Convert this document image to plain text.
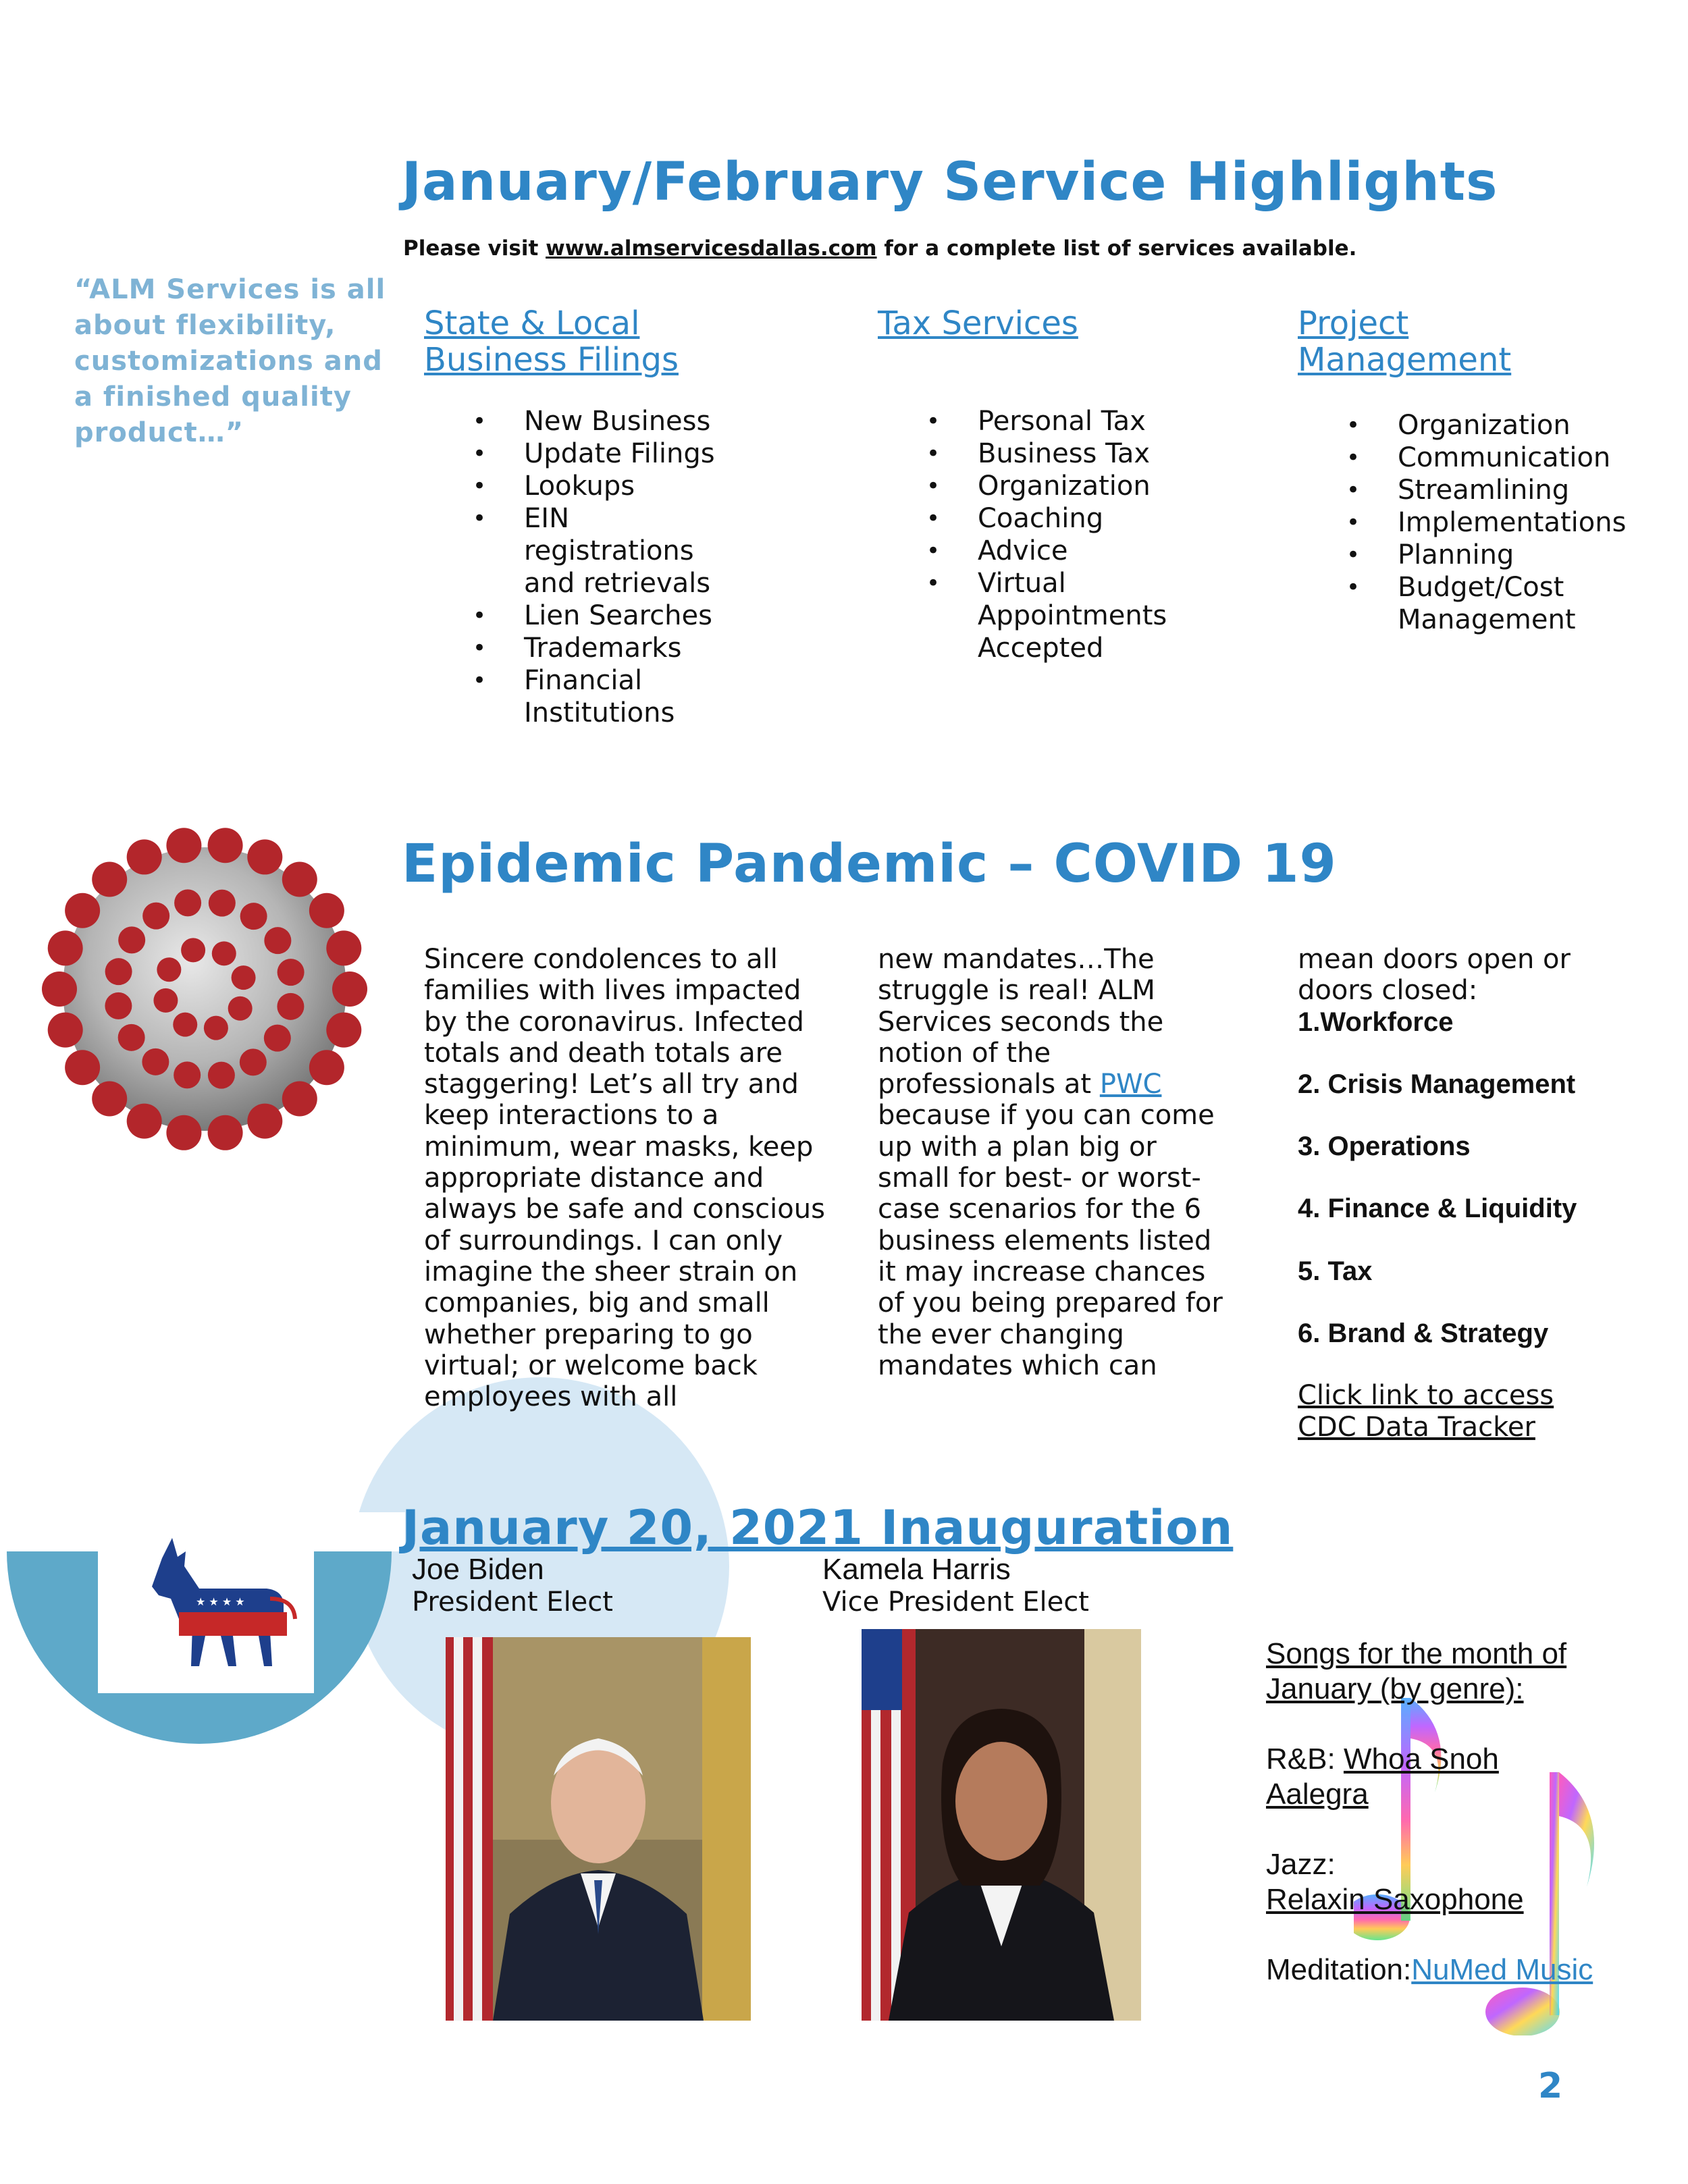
★ ★ ★ ★
January/February Service Highlights
Please visit www.almservicesdallas.com for a complete list of services available.
“ALM Services is all about flexibility, customizations and a finished quality product…”
State & Local
Business Filings
• New Business
• Update Filings
• Lookups
• EIN registrations and retrievals
• Lien Searches
• Trademarks
• Financial Institutions
Tax Services
• Personal Tax
• Business Tax
• Organization
• Coaching
• Advice
• Virtual Appointments Accepted
Project
Management
• Organization
• Communication
• Streamlining
• Implementations
• Planning
• Budget/Cost Management
Epidemic Pandemic – COVID 19
Sincere condolences to all families with lives impacted by the coronavirus. Infected totals and death totals are staggering! Let’s all try and keep interactions to a minimum, wear masks, keep appropriate distance and always be safe and conscious of surroundings. I can only imagine the sheer strain on companies, big and small whether preparing to go virtual; or welcome back employees with all
new mandates…The struggle is real! ALM Services seconds the notion of the professionals at PWC because if you can come up with a plan big or small for best- or worst-case scenarios for the 6 business elements listed it may increase chances of you being prepared for the ever changing mandates which can
mean doors open or doors closed:
1.Workforce
2. Crisis Management
3. Operations
4. Finance & Liquidity
5. Tax
6. Brand & Strategy
Click link to access
CDC Data Tracker
January 20, 2021 Inauguration
Joe Biden
President Elect
Kamela Harris
Vice President Elect
Songs for the month of
January (by genre):
R&B: Whoa Snoh
Aalegra
Jazz:
Relaxin Saxophone
Meditation:NuMed Music
2
